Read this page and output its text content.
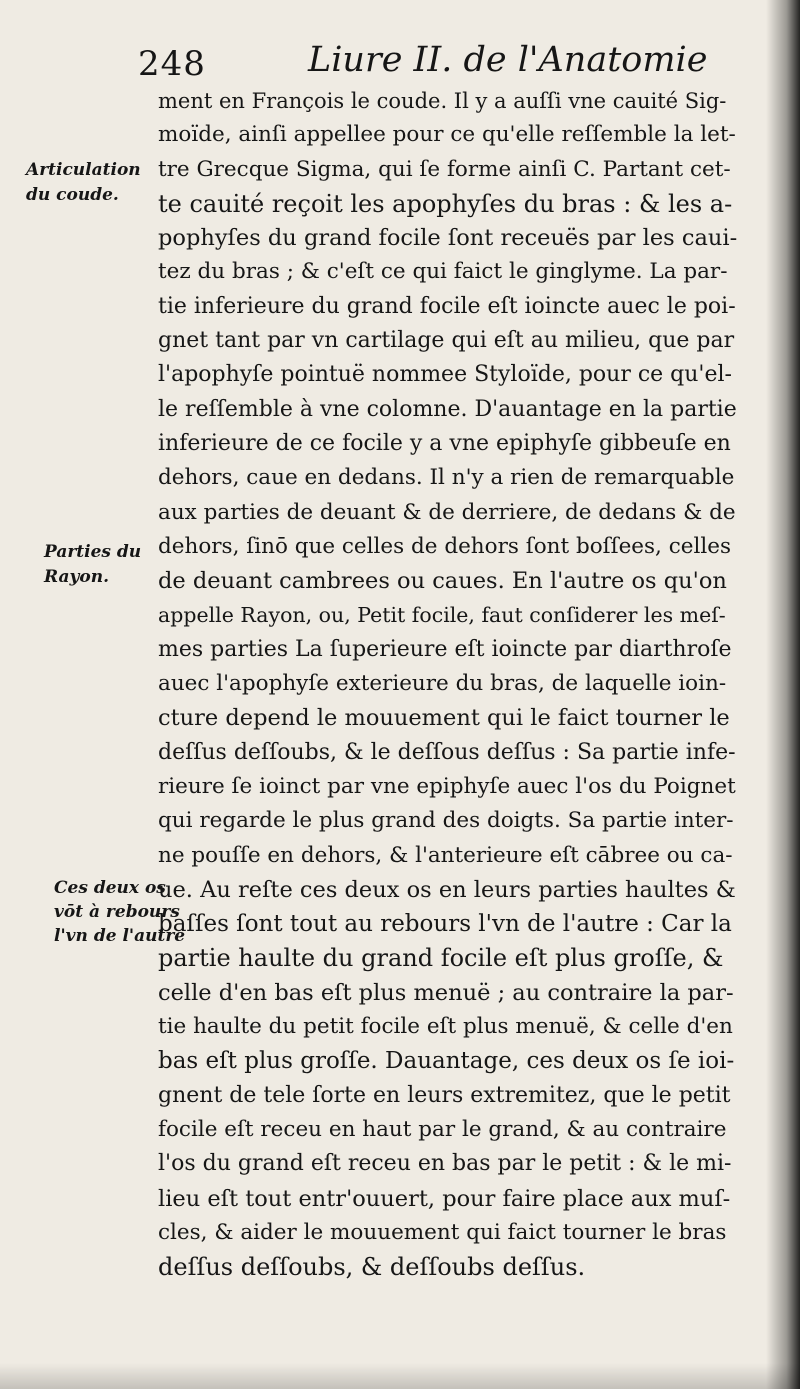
248	Liure II. de l'Anatomie
Articulation
du coude.
Parties du
Rayon.
Ces deux os
vōt à rebours
l'vn de l'autre
ment en François le coude. Il y a auſſi vne cauité Sig-
moïde, ainſi appellee pour ce qu'elle reſſemble la let-
tre Grecque Sigma, qui ſe forme ainſi C. Partant cet-
te cauité reçoit les apophyſes du bras : & les a-
pophyſes du grand focile ſont receuës par les caui-
tez du bras ; & c'eſt ce qui faict le ginglyme. La par-
tie inferieure du grand focile eſt ioincte auec le poi-
gnet tant par vn cartilage qui eſt au milieu, que par
l'apophyſe pointuë nommee Styloïde, pour ce qu'el-
le reſſemble à vne colomne. D'auantage en la partie
inferieure de ce focile y a vne epiphyſe gibbeuſe en
dehors, caue en dedans. Il n'y a rien de remarquable
aux parties de deuant & de derriere, de dedans & de
dehors, ſinō que celles de dehors ſont boſſees, celles
de deuant cambrees ou caues. En l'autre os qu'on
appelle Rayon, ou, Petit focile, faut conſiderer les meſ-
mes parties La ſuperieure eſt ioincte par diarthroſe
auec l'apophyſe exterieure du bras, de laquelle ioin-
cture depend le mouuement qui le faict tourner le
deſſus deſſoubs, & le deſſous deſſus : Sa partie infe-
rieure ſe ioinct par vne epiphyſe auec l'os du Poignet
qui regarde le plus grand des doigts. Sa partie inter-
ne pouſſe en dehors, & l'anterieure eſt cābree ou ca-
ue. Au reſte ces deux os en leurs parties haultes &
baſſes ſont tout au rebours l'vn de l'autre : Car la
partie haulte du grand focile eſt plus groſſe, &
celle d'en bas eſt plus menuë ; au contraire la par-
tie haulte du petit focile eſt plus menuë, & celle d'en
bas eſt plus groſſe. Dauantage, ces deux os ſe ioi-
gnent de tele ſorte en leurs extremitez, que le petit
focile eſt receu en haut par le grand, & au contraire
l'os du grand eſt receu en bas par le petit : & le mi-
lieu eſt tout entr'ouuert, pour faire place aux muſ-
cles, & aider le mouuement qui faict tourner le bras
deſſus deſſoubs, & deſſoubs deſſus.
